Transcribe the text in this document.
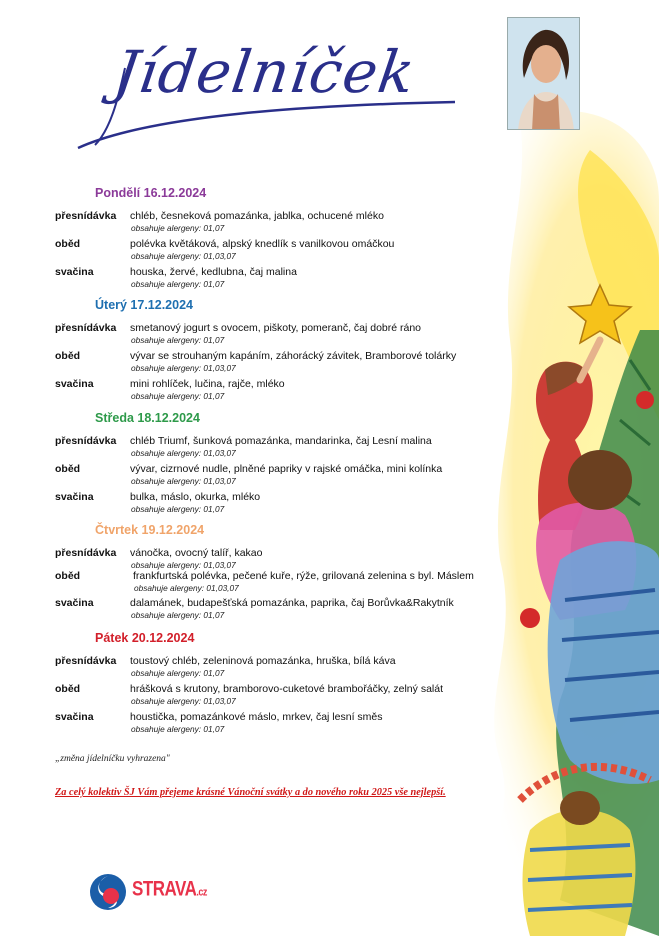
Jídelníček
Pondělí 16.12.2024
přesnídávka chléb, česneková pomazánka, jablka, ochucené mléko
obsahuje alergeny: 01,07
oběd	polévka květáková, alpský knedlík s vanilkovou omáčkou
obsahuje alergeny: 01,03,07
svačina	houska, žervé, kedlubna, čaj malina
obsahuje alergeny: 01,07
Úterý 17.12.2024
přesnídávka smetanový jogurt s ovocem, piškoty, pomeranč, čaj dobré ráno
obsahuje alergeny: 01,07
oběd	vývar se strouhaným kapáním, záhorácký závitek, Bramborové tolárky
obsahuje alergeny: 01,03,07
svačina	mini rohlíček, lučina, rajče, mléko
obsahuje alergeny: 01,07
Středa 18.12.2024
přesnídávka chléb Triumf, šunková pomazánka, mandarinka, čaj Lesní malina
obsahuje alergeny: 01,03,07
oběd	vývar, cizrnové nudle, plněné papriky v rajské omáčka, mini kolínka
obsahuje alergeny: 01,03,07
svačina	bulka, máslo, okurka, mléko
obsahuje alergeny: 01,07
Čtvrtek 19.12.2024
přesnídávka vánočka, ovocný talíř, kakao
obsahuje alergeny: 01,03,07
oběd	frankfurtská polévka, pečené kuře, rýže, grilovaná zelenina s byl. Máslem
obsahuje alergeny: 01,03,07
svačina	dalamánek, budapešťská pomazánka, paprika, čaj Borůvka&Rakytník
obsahuje alergeny: 01,07
Pátek 20.12.2024
přesnídávka toustový chléb, zeleninová pomazánka, hruška, bílá káva
obsahuje alergeny: 01,07
oběd	hrášková s krutony, bramborovo-cuketové brambořáčky, zelný salát
obsahuje alergeny: 01,03,07
svačina	houstička, pomazánkové máslo, mrkev, čaj lesní směs
obsahuje alergeny: 01,07
„změna jídelníčku vyhrazena"
Za celý kolektiv ŠJ Vám přejeme krásné Vánoční svátky a do nového roku 2025 vše nejlepší.
STRAVA.cz
